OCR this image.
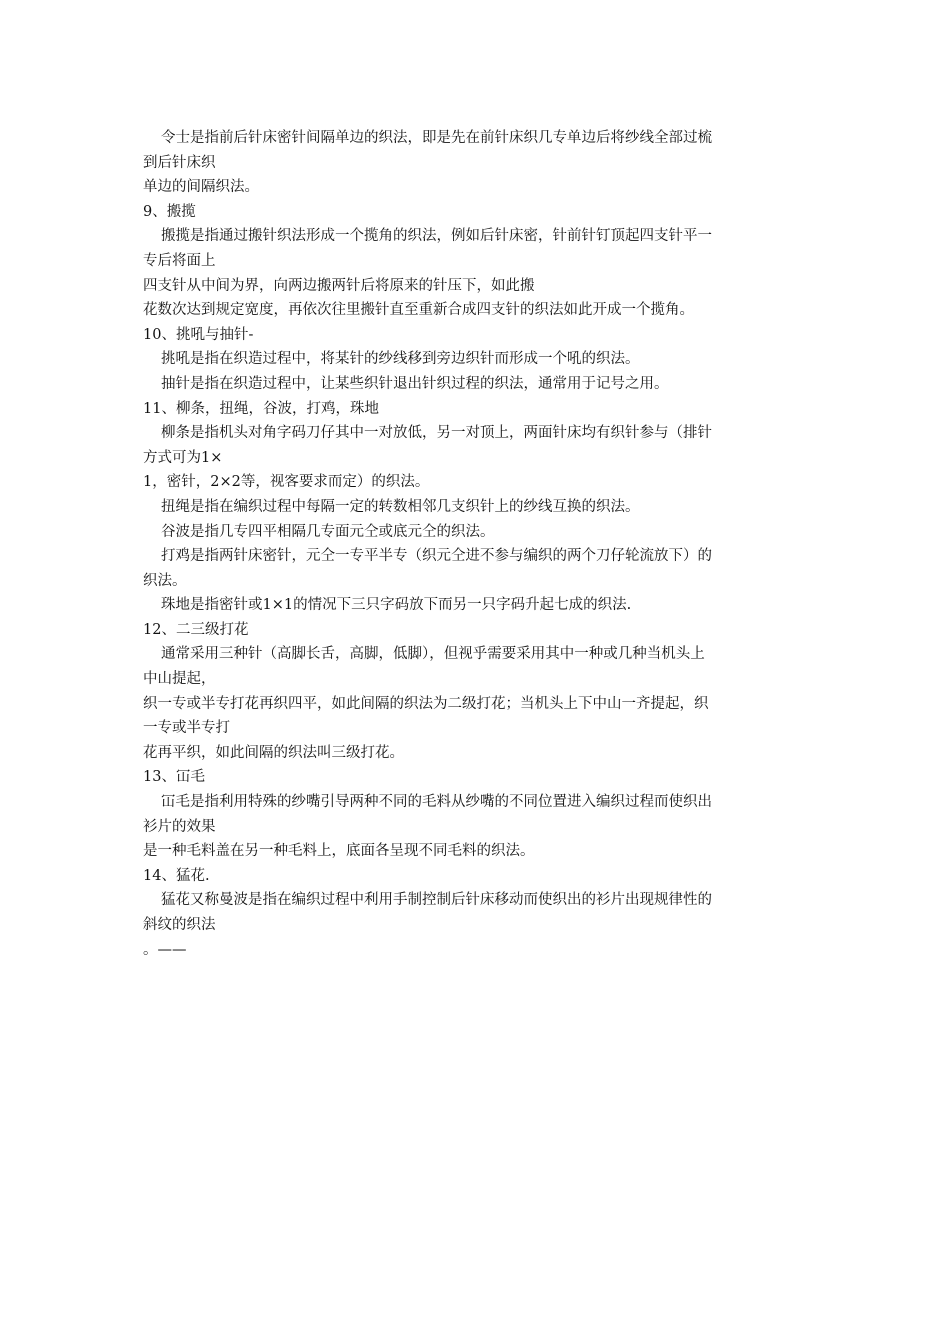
令士是指前后针床密针间隔单边的织法，即是先在前针床织几专单边后将纱线全部过梳
到后针床织
单边的间隔织法。
9、搬揽
搬揽是指通过搬针织法形成一个揽角的织法，例如后针床密，针前针钉顶起四支针平一
专后将面上
四支针从中间为界，向两边搬两针后将原来的针压下，如此搬
花数次达到规定宽度，再依次往里搬针直至重新合成四支针的织法如此开成一个揽角。
10、挑吼与抽针-
挑吼是指在织造过程中，将某针的纱线移到旁边织针而形成一个吼的织法。
抽针是指在织造过程中，让某些织针退出针织过程的织法，通常用于记号之用。
11、柳条，扭绳，谷波，打鸡，珠地
柳条是指机头对角字码刀仔其中一对放低，另一对顶上，两面针床均有织针参与（排针
方式可为1×
1，密针，2×2等，视客要求而定）的织法。
扭绳是指在编织过程中每隔一定的转数相邻几支织针上的纱线互换的织法。
谷波是指几专四平相隔几专面元仝或底元仝的织法。
打鸡是指两针床密针，元仝一专平半专（织元仝进不参与编织的两个刀仔轮流放下）的
织法。
珠地是指密针或1×1的情况下三只字码放下而另一只字码升起七成的织法.
12、二三级打花
通常采用三种针（高脚长舌，高脚，低脚），但视乎需要采用其中一种或几种当机头上
中山提起，
织一专或半专打花再织四平，如此间隔的织法为二级打花；当机头上下中山一齐提起，织
一专或半专打
花再平织，如此间隔的织法叫三级打花。
13、冚毛
冚毛是指利用特殊的纱嘴引导两种不同的毛料从纱嘴的不同位置进入编织过程而使织出
衫片的效果
是一种毛料盖在另一种毛料上，底面各呈现不同毛料的织法。
14、猛花.
猛花又称曼波是指在编织过程中利用手制控制后针床移动而使织出的衫片出现规律性的
斜纹的织法
。——
